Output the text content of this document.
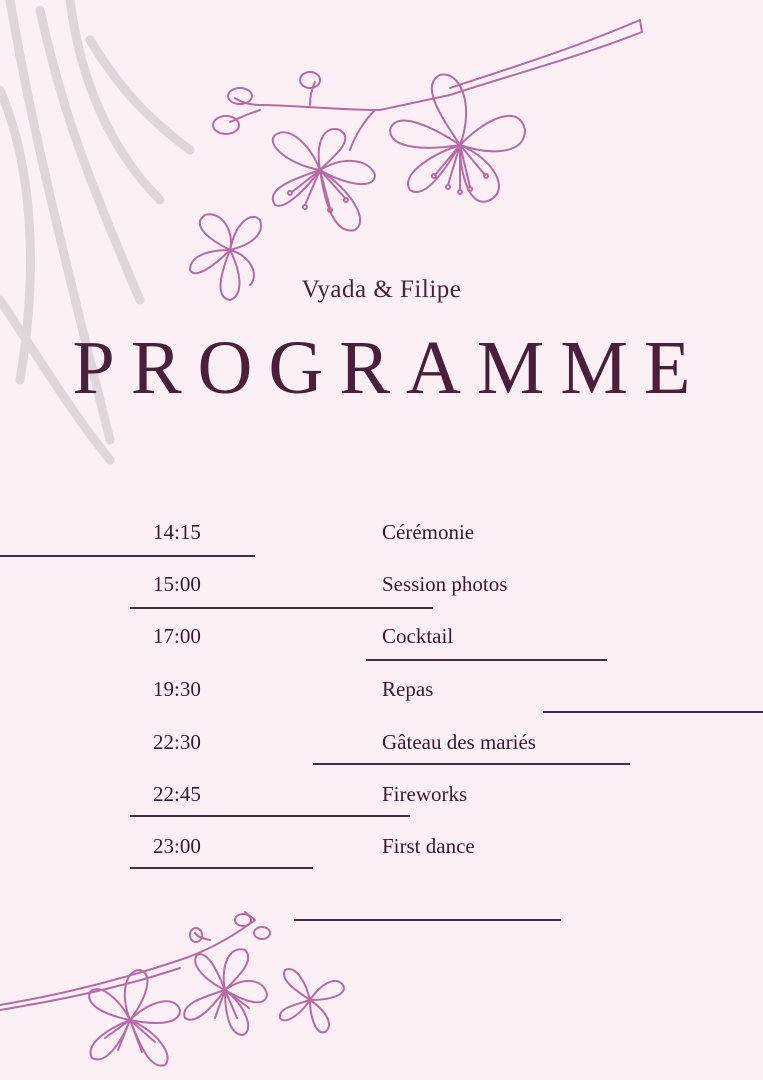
Vyada & Filipe
PROGRAMME
14:15	Cérémonie
15:00	Session photos
17:00	Cocktail
19:30	Repas
22:30	Gâteau des mariés
22:45	Fireworks
23:00	First dance
